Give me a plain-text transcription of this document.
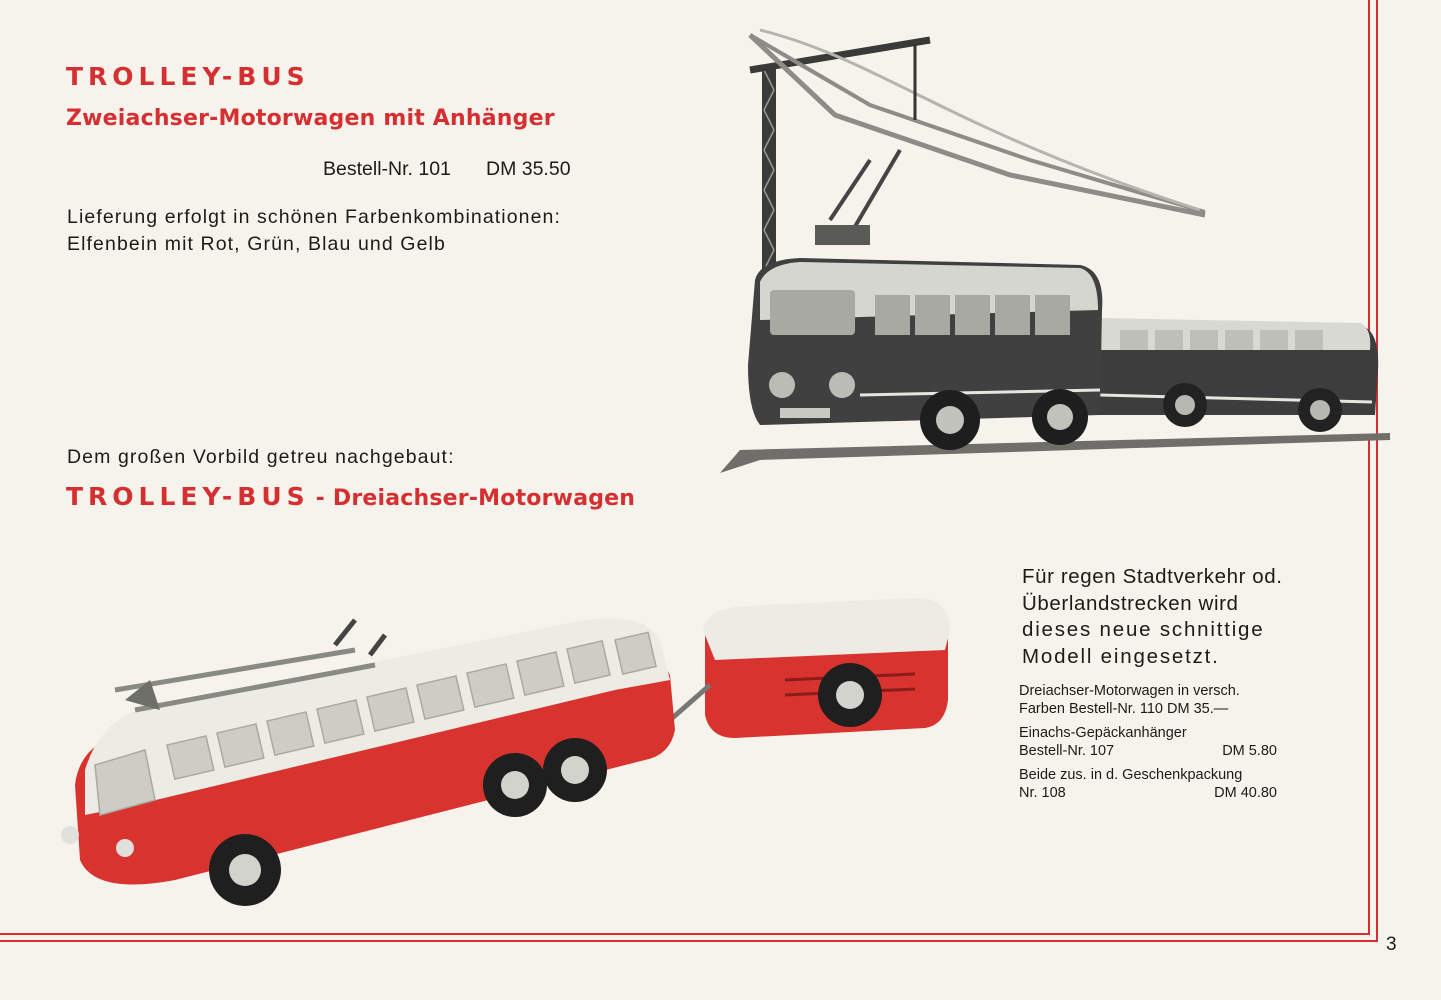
TROLLEY-BUS
Zweiachser-Motorwagen mit Anhänger
Bestell-Nr. 101 DM 35.50
Lieferung erfolgt in schönen Farbenkombinationen:
Elfenbein mit Rot, Grün, Blau und Gelb
Dem großen Vorbild getreu nachgebaut:
TROLLEY-BUS - Dreiachser-Motorwagen
Für regen Stadtverkehr od.
Überlandstrecken wird
dieses neue schnittige
Modell eingesetzt.
Dreiachser-Motorwagen in versch.
Farben Bestell-Nr. 110 DM 35.—
Einachs-Gepäckanhänger
Bestell-Nr. 107	DM 5.80
Beide zus. in d. Geschenkpackung
Nr. 108	DM 40.80
3
